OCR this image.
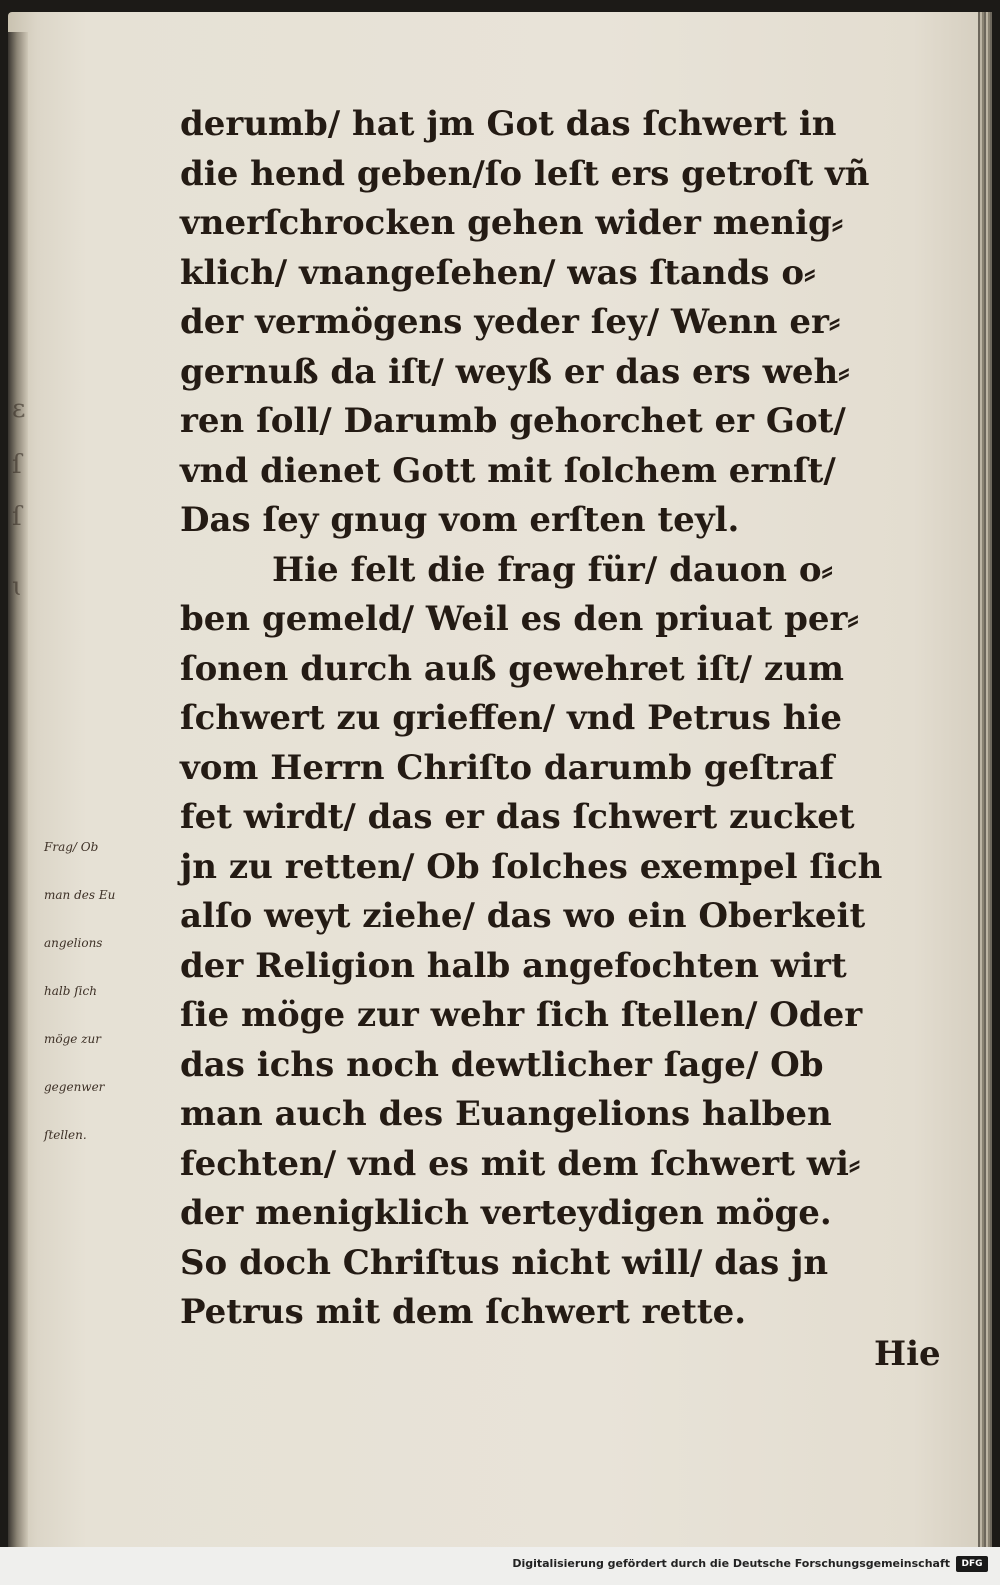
ɛ
ſ
ſ
ɩ
derumb/ hat jm Got das ſchwert in
die hend geben/ſo leſt ers getroſt vñ
vnerſchrocken gehen wider menig⸗
klich/ vnangeſehen/ was ſtands o⸗
der vermögens yeder ſey/ Wenn er⸗
gernuß da iſt/ weyß er das ers weh⸗
ren ſoll/ Darumb gehorchet er Got/
vnd dienet Gott mit ſolchem ernſt/
Das ſey gnug vom erſten teyl.
Hie felt die frag für/ dauon o⸗
ben gemeld/ Weil es den priuat per⸗
ſonen durch auß gewehret iſt/ zum
ſchwert zu grieffen/ vnd Petrus hie
vom Herrn Chriſto darumb geſtraf
fet wirdt/ das er das ſchwert zucket
jn zu retten/ Ob ſolches exempel ſich
alſo weyt ziehe/ das wo ein Oberkeit
der Religion halb angefochten wirt
ſie möge zur wehr ſich ſtellen/ Oder
das ichs noch dewtlicher ſage/ Ob
man auch des Euangelions halben
fechten/ vnd es mit dem ſchwert wi⸗
der menigklich verteydigen möge.
So doch Chriſtus nicht will/ das jn
Petrus mit dem ſchwert rette.
Hie
Frag/ Ob
man des Eu
angelions
halb ſich
möge zur
gegenwer
ſtellen.
Digitalisierung gefördert durch die Deutsche Forschungsgemeinschaft	DFG
